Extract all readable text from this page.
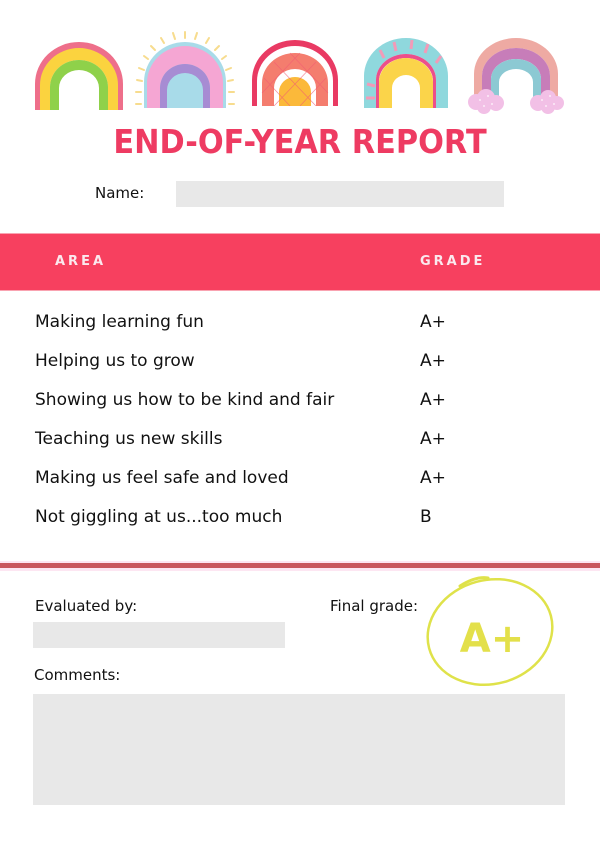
END-OF-YEAR REPORT
Name:
AREA	GRADE
Making learning fun	A+
Helping us to grow	A+
Showing us how to be kind and fair	A+
Teaching us new skills	A+
Making us feel safe and loved	A+
Not giggling at us...too much	B
Evaluated by:	Final grade:
A+
Comments:
